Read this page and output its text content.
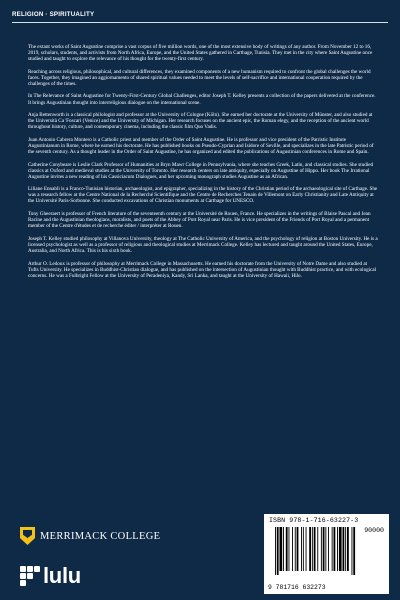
RELIGION · SPIRITUALITY

The extant works of Saint Augustine comprise a vast corpus of five million words, one of the most extensive body of writings of any author. From November 12 to 16, 2019, scholars, students, and activists from North Africa, Europe, and the United States gathered in Carthage, Tunisia. They met in the city where Saint Augustine once studied and taught to explore the relevance of his thought for the twenty-first century.

Reaching across religious, philosophical, and cultural differences, they examined components of a new humanism required to confront the global challenges the world faces. Together, they imagined an aggiornamento of shared spiritual values needed to meet the levels of self-sacrifice and international cooperation required by the challenges of the times.

In The Relevance of Saint Augustine for Twenty-First-Century Global Challenges, editor Joseph T. Kelley presents a collection of the papers delivered at the conference. It brings Augustinian thought into interreligious dialogue on the international scene.

Anja Bettenworth is a classical philologist and professor at the University of Cologne (Köln). She earned her doctorate at the University of Münster, and also studied at the Università Ca 'Foscari (Venice) and the University of Michigan. Her research focuses on the ancient epic, the Roman elegy, and the reception of the ancient world throughout history, culture, and contemporary cinema, including the classic film Quo Vadis.

Juan Antonio Cabrera Montero is a Catholic priest and member of the Order of Saint Augustine. He is professor and vice president of the Patristic Institute Augustinianum in Rome, where he earned his doctorate. He has published books on Pseudo-Cyprian and Isidore of Seville, and specializes in the late Patristic period of the seventh century. As a thought leader in the Order of Saint Augustine, he has organized and edited the publications of Augustinian conferences in Rome and Spain.

Catherine Conybeare is Leslie Clark Professor of Humanities at Bryn Mawr College in Pennsylvania, where she teaches Greek, Latin, and classical studies. She studied classics at Oxford and medieval studies at the University of Toronto. Her research centers on late antiquity, especially on Augustine of Hippo. Her book The Irrational Augustine invites a new reading of his Cassiciacum Dialogues, and her upcoming monograph studies Augustine as an African.

Liliane Ennabli is a Franco-Tunisian historian, archaeologist, and epigrapher, specializing in the history of the Christian period of the archaeological site of Carthage. She was a research fellow at the Centre National de la Recherché Scientifique and the Centre de Recherches Tenain de Villemont on Early Christianity and Late Antiquity at the Université Paris-Sorbonne. She conducted excavations of Christian monuments at Carthage for UNESCO.

Tony Gheeraert is professor of French literature of the seventeenth century at the Université de Rouen, France. He specializes in the writings of Blaise Pascal and Jean Racine and the Augustinian theologians, moralists, and poets of the Abbey of Port Royal near Paris. He is vice president of the Friends of Port Royal and a permanent member of the Centre d'études et de recherche éditer / interpréter at Rouen.

Joseph T. Kelley studied philosophy at Villanova University, theology at The Catholic University of America, and the psychology of religion at Boston University. He is a licensed psychologist as well as a professor of religious and theological studies at Merrimack College. Kelley has lectured and taught around the United States, Europe, Australia, and North Africa. This is his sixth book.

Arthur O. Ledoux is professor of philosophy at Merrimack College in Massachusetts. He earned his doctorate from the University of Notre Dame and also studied at Tufts University. He specializes in Buddhist-Christian dialogue, and has published on the intersection of Augustinian thought with Buddhist practice, and with ecological concerns. He was a Fulbright Fellow at the University of Peradeniya, Kandy, Sri Lanka, and taught at the University of Hawaii, Hilo.

MERRIMACK COLLEGE
lulu
ISBN 978-1-716-63227-3
90000
9 781716 632273
